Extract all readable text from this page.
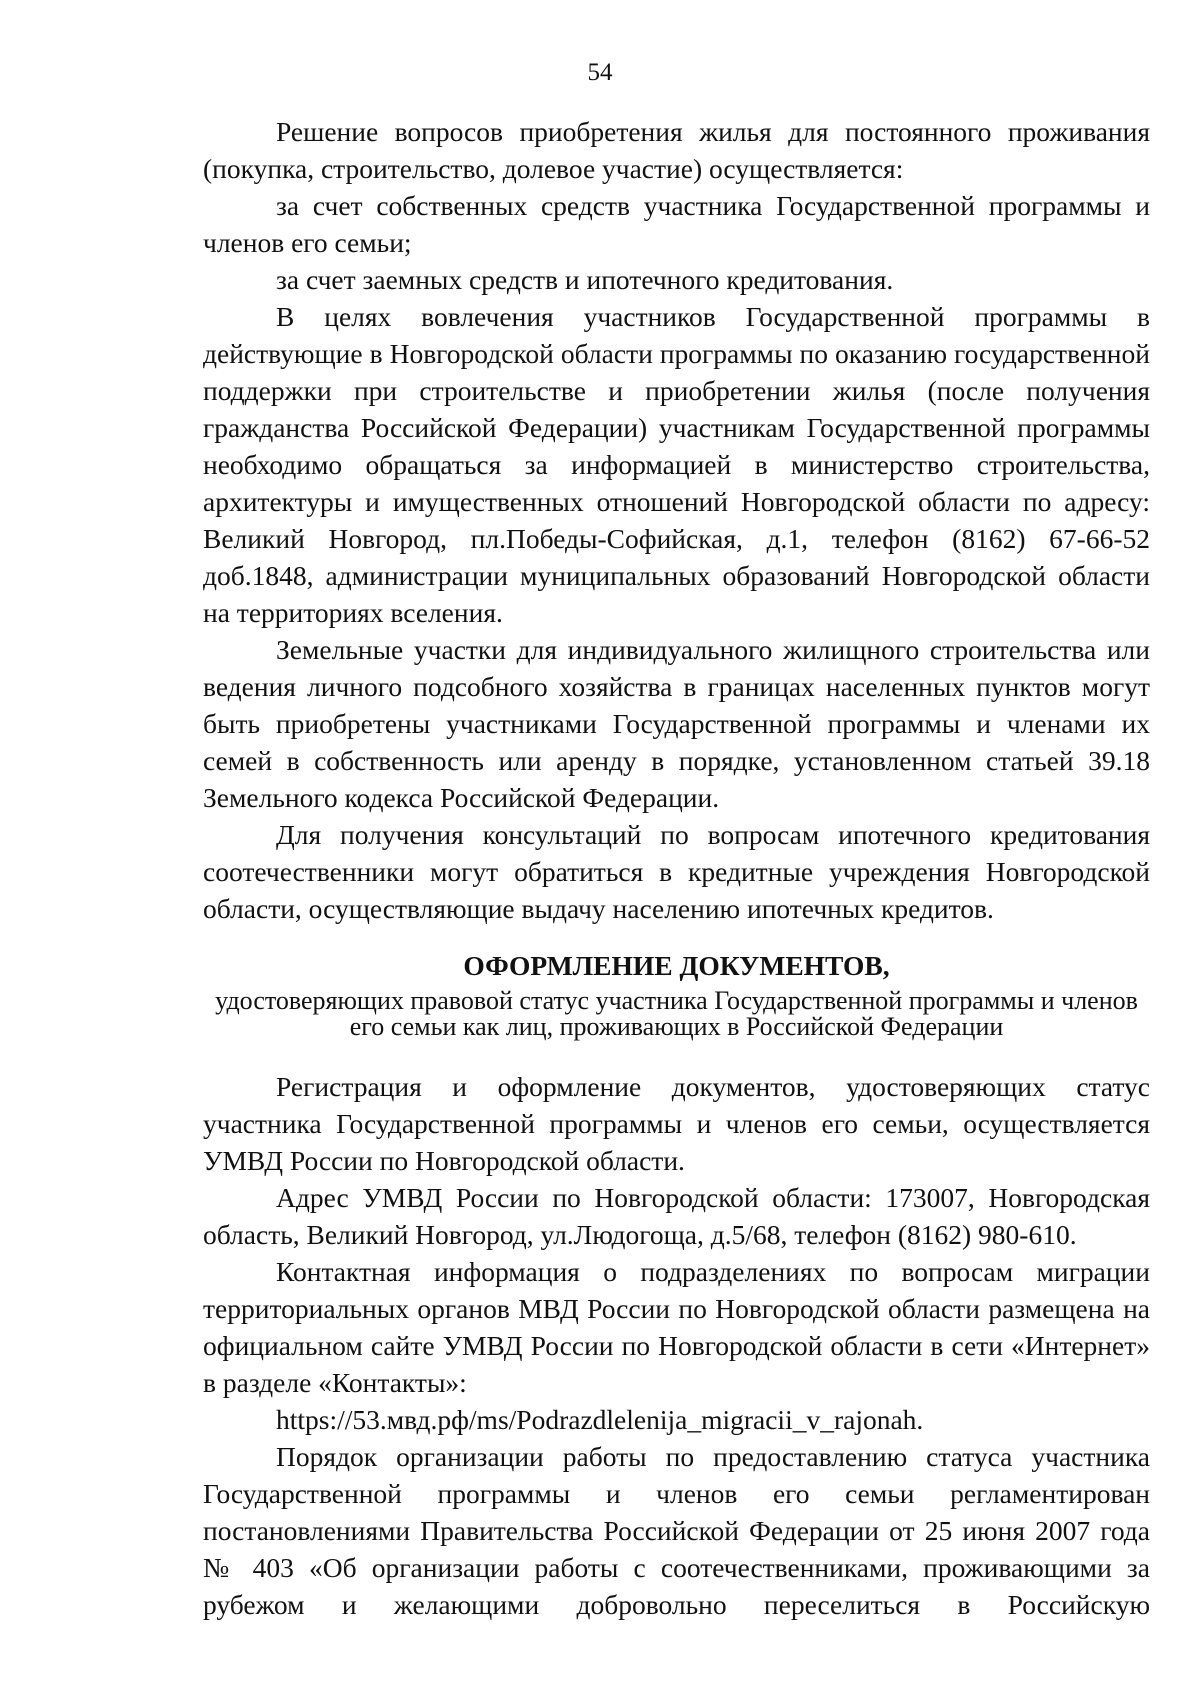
54

Решение вопросов приобретения жилья для постоянного проживания (покупка, строительство, долевое участие) осуществляется:

за счет собственных средств участника Государственной программы и членов его семьи;

за счет заемных средств и ипотечного кредитования.

В целях вовлечения участников Государственной программы в действующие в Новгородской области программы по оказанию государственной поддержки при строительстве и приобретении жилья (после получения гражданства Российской Федерации) участникам Государственной программы необходимо обращаться за информацией в министерство строительства, архитектуры и имущественных отношений Новгородской области по адресу: Великий Новгород, пл.Победы-Софийская, д.1, телефон (8162) 67-66-52 доб.1848, администрации муниципальных образований Новгородской области на территориях вселения.

Земельные участки для индивидуального жилищного строительства или ведения личного подсобного хозяйства в границах населенных пунктов могут быть приобретены участниками Государственной программы и членами их семей в собственность или аренду в порядке, установленном статьей 39.18 Земельного кодекса Российской Федерации.

Для получения консультаций по вопросам ипотечного кредитования соотечественники могут обратиться в кредитные учреждения Новгородской области, осуществляющие выдачу населению ипотечных кредитов.

ОФОРМЛЕНИЕ ДОКУМЕНТОВ,
удостоверяющих правовой статус участника Государственной программы и членов его семьи как лиц, проживающих в Российской Федерации

Регистрация и оформление документов, удостоверяющих статус участника Государственной программы и членов его семьи, осуществляется УМВД России по Новгородской области.

Адрес УМВД России по Новгородской области: 173007, Новгородская область, Великий Новгород, ул.Людогоща, д.5/68, телефон (8162) 980-610.

Контактная информация о подразделениях по вопросам миграции территориальных органов МВД России по Новгородской области размещена на официальном сайте УМВД России по Новгородской области в сети «Интернет» в разделе «Контакты»:

https://53.мвд.рф/ms/Podrazdlelenija_migracii_v_rajonah.

Порядок организации работы по предоставлению статуса участника Государственной программы и членов его семьи регламентирован постановлениями Правительства Российской Федерации от 25 июня 2007 года № 403 «Об организации работы с соотечественниками, проживающими за рубежом и желающими добровольно переселиться в Российскую
